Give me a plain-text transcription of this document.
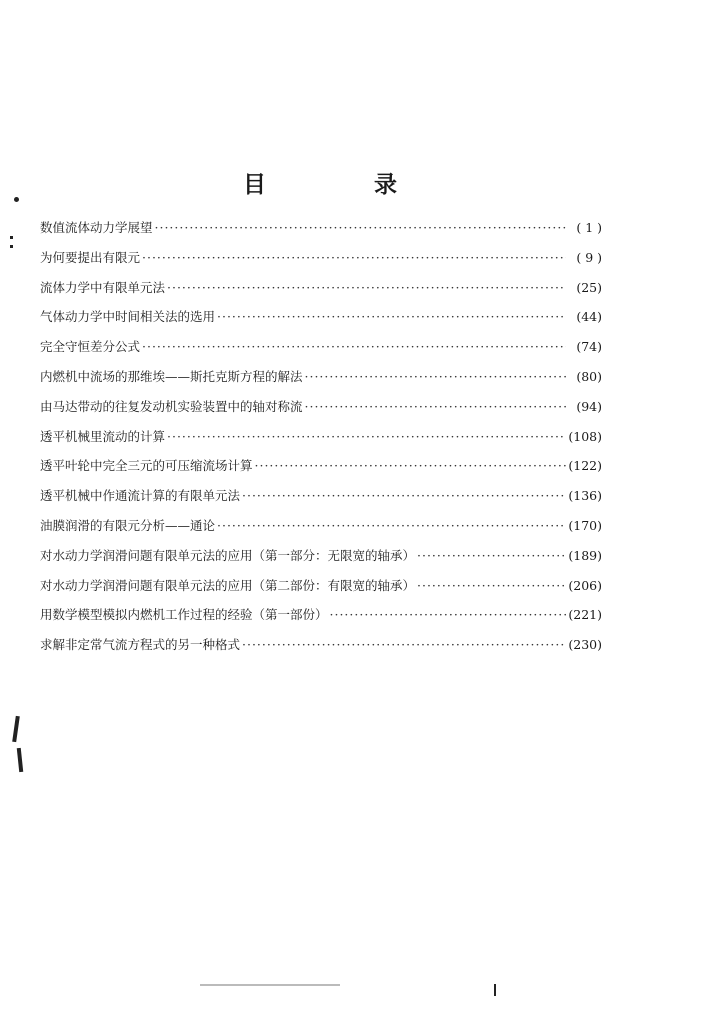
目 录
数值流体动力学展望 ·····	( 1 )
为何要提出有限元 ·····	( 9 )
流体力学中有限单元法 ·····	(25)
气体动力学中时间相关法的选用 ·····	(44)
完全守恒差分公式 ·····	(74)
内燃机中流场的那维埃——斯托克斯方程的解法 ·····	(80)
由马达带动的往复发动机实验装置中的轴对称流 ·····	(94)
透平机械里流动的计算 ·····	(108)
透平叶轮中完全三元的可压缩流场计算 ·····	(122)
透平机械中作通流计算的有限单元法 ·····	(136)
油膜润滑的有限元分析——通论 ·····	(170)
对水动力学润滑问题有限单元法的应用（第一部分：无限宽的轴承） ·····	(189)
对水动力学润滑问题有限单元法的应用（第二部份：有限宽的轴承） ·····	(206)
用数学模型模拟内燃机工作过程的经验（第一部份） ·····	(221)
求解非定常气流方程式的另一种格式 ·····	(230)
